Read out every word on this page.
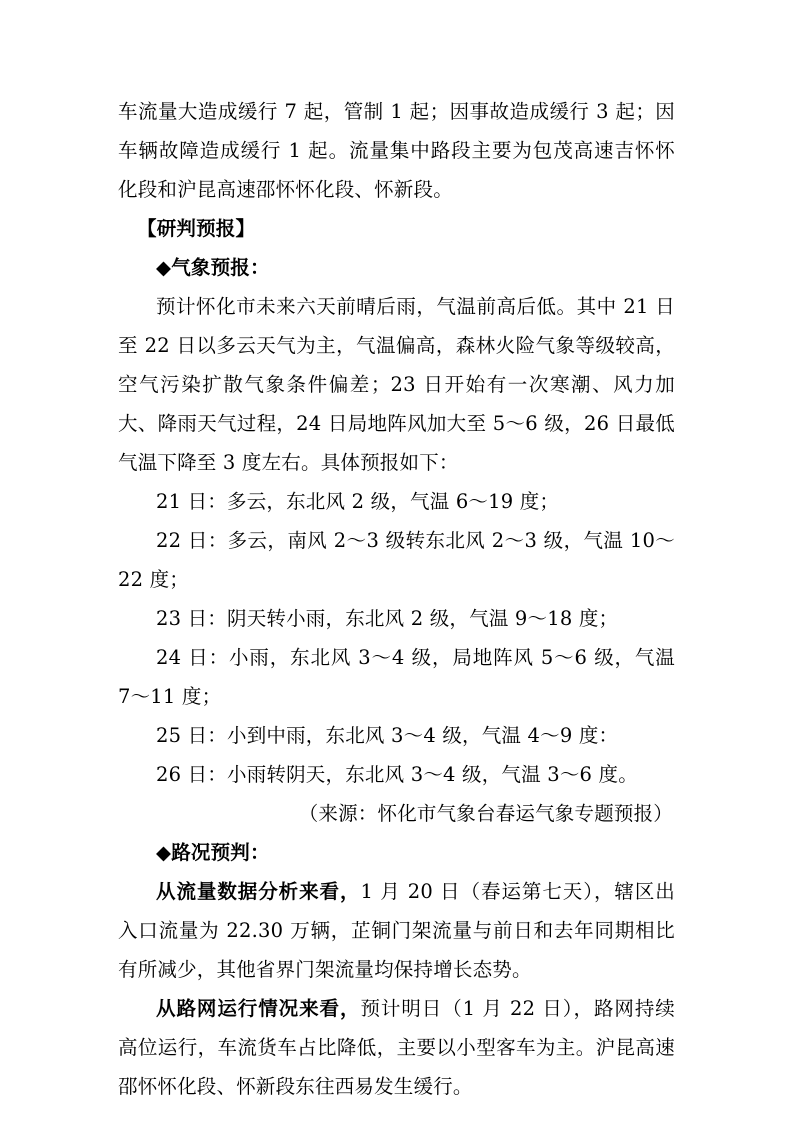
车流量大造成缓行 7 起，管制 1 起；因事故造成缓行 3 起；因车辆故障造成缓行 1 起。流量集中路段主要为包茂高速吉怀怀化段和沪昆高速邵怀怀化段、怀新段。

【研判预报】

◆气象预报：

预计怀化市未来六天前晴后雨，气温前高后低。其中 21 日至 22 日以多云天气为主，气温偏高，森林火险气象等级较高，空气污染扩散气象条件偏差；23 日开始有一次寒潮、风力加大、降雨天气过程，24 日局地阵风加大至 5～6 级，26 日最低气温下降至 3 度左右。具体预报如下：

21 日：多云，东北风 2 级，气温 6～19 度；

22 日：多云，南风 2～3 级转东北风 2～3 级，气温 10～22 度；

23 日：阴天转小雨，东北风 2 级，气温 9～18 度；

24 日：小雨，东北风 3～4 级，局地阵风 5～6 级，气温 7～11 度；

25 日：小到中雨，东北风 3～4 级，气温 4～9 度：

26 日：小雨转阴天，东北风 3～4 级，气温 3～6 度。

（来源：怀化市气象台春运气象专题预报）

◆路况预判：

从流量数据分析来看，1 月 20 日（春运第七天），辖区出入口流量为 22.30 万辆，芷铜门架流量与前日和去年同期相比有所减少，其他省界门架流量均保持增长态势。

从路网运行情况来看，预计明日（1 月 22 日），路网持续高位运行，车流货车占比降低，主要以小型客车为主。沪昆高速邵怀怀化段、怀新段东往西易发生缓行。
